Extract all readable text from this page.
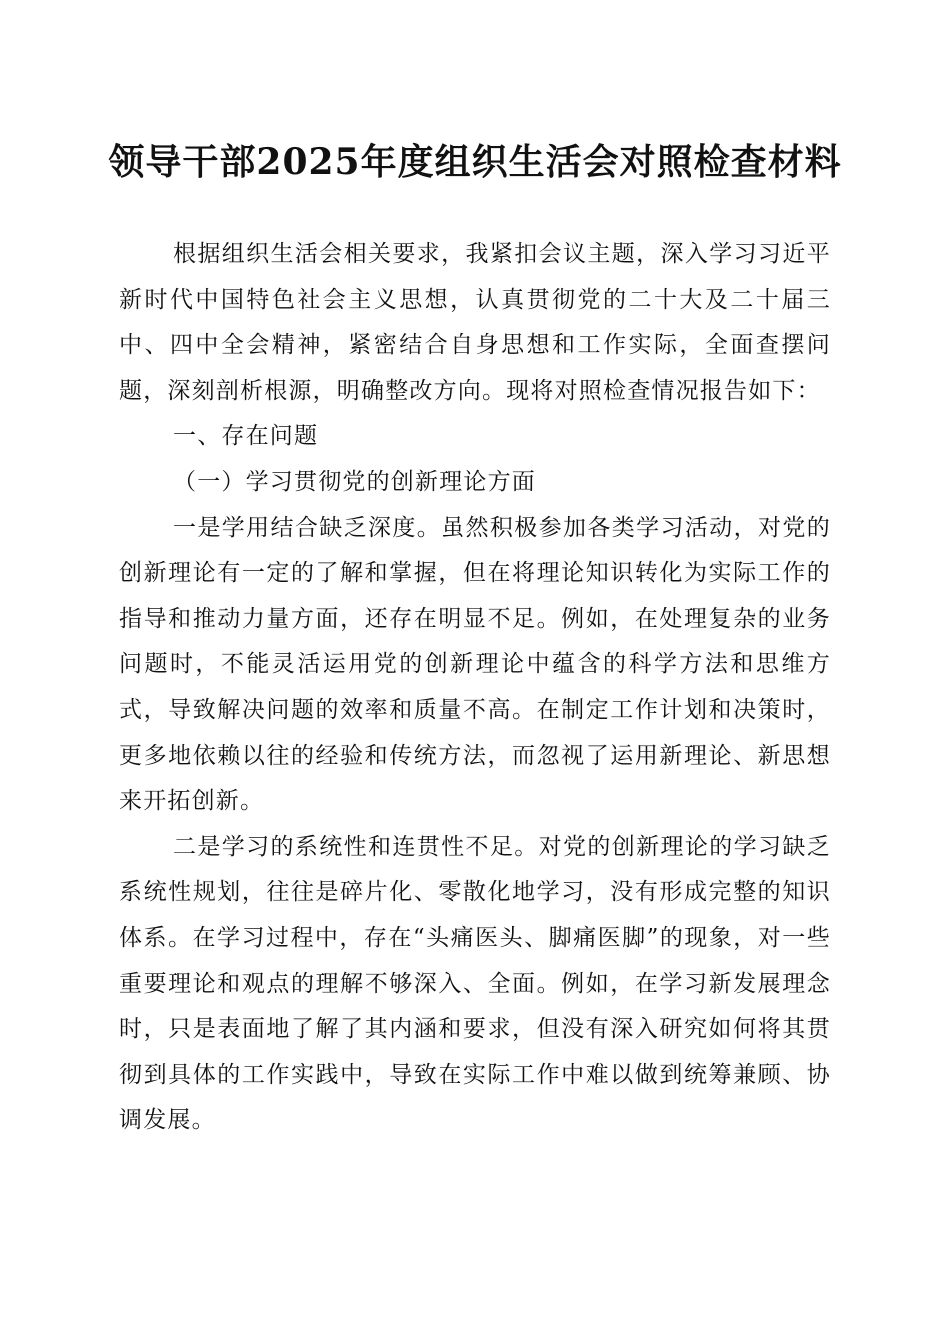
领导干部2025年度组织生活会对照检查材料

根据组织生活会相关要求，我紧扣会议主题，深入学习习近平新时代中国特色社会主义思想，认真贯彻党的二十大及二十届三中、四中全会精神，紧密结合自身思想和工作实际，全面查摆问题，深刻剖析根源，明确整改方向。现将对照检查情况报告如下：

一、存在问题

（一）学习贯彻党的创新理论方面

一是学用结合缺乏深度。虽然积极参加各类学习活动，对党的创新理论有一定的了解和掌握，但在将理论知识转化为实际工作的指导和推动力量方面，还存在明显不足。例如，在处理复杂的业务问题时，不能灵活运用党的创新理论中蕴含的科学方法和思维方式，导致解决问题的效率和质量不高。在制定工作计划和决策时，更多地依赖以往的经验和传统方法，而忽视了运用新理论、新思想来开拓创新。

二是学习的系统性和连贯性不足。对党的创新理论的学习缺乏系统性规划，往往是碎片化、零散化地学习，没有形成完整的知识体系。在学习过程中，存在“头痛医头、脚痛医脚”的现象，对一些重要理论和观点的理解不够深入、全面。例如，在学习新发展理念时，只是表面地了解了其内涵和要求，但没有深入研究如何将其贯彻到具体的工作实践中，导致在实际工作中难以做到统筹兼顾、协调发展。
